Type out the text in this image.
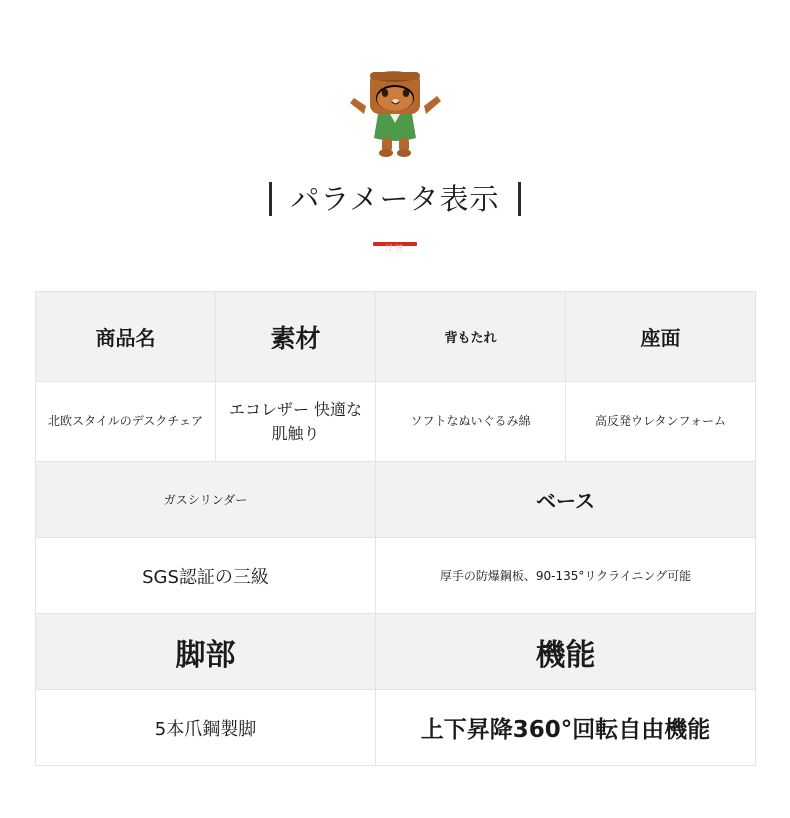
パラメータ表示
详情
商品名	素材	背もたれ	座面
北欧スタイルのデスクチェア	エコレザー 快適な肌触り	ソフトなぬいぐるみ綿	高反発ウレタンフォーム
ガスシリンダー		ベース	
SGS認証の三級		厚手の防爆鋼板、90-135°リクライニング可能	
脚部		機能	
5本爪鋼製脚		上下昇降360°回転自由機能	
